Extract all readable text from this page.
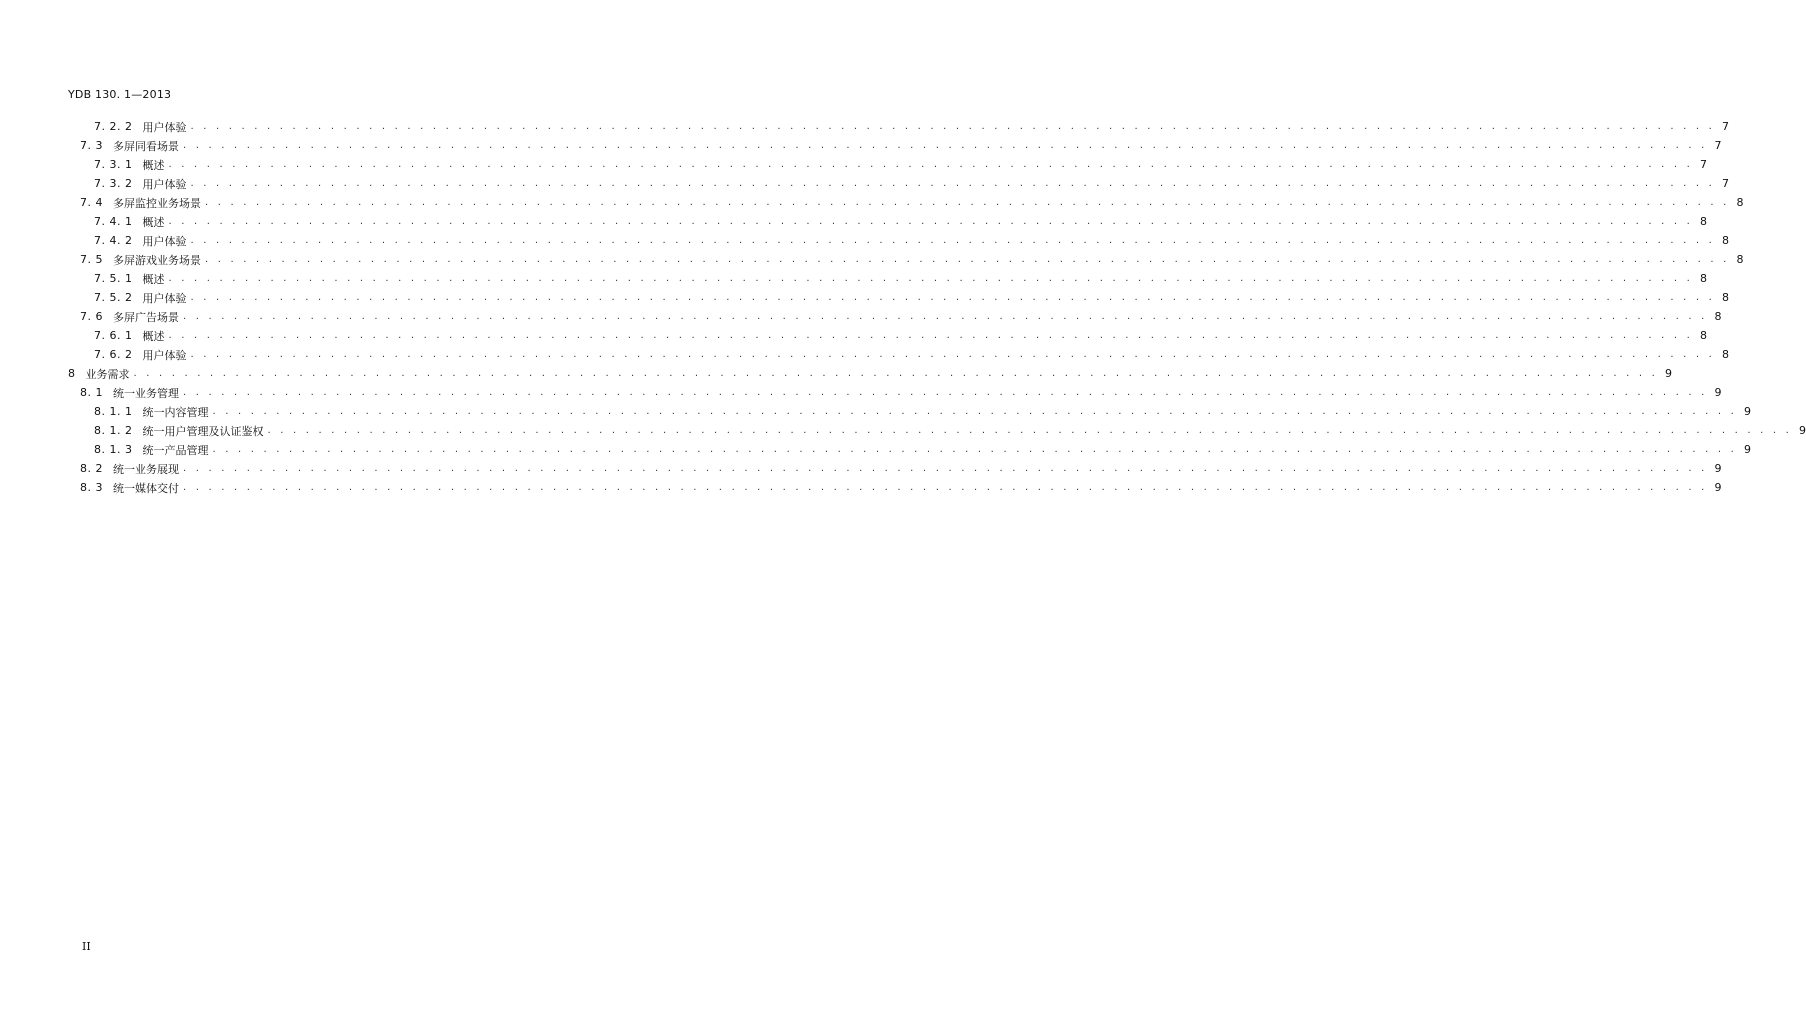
YDB 130. 1—2013
7. 2. 2 用户体验 . . . . . . . . . . . . . . . . . . . . . . . . . . . . . . . . . . . . . . . . . . . . . . . . . . . . . . . . . . . . . . . . . . . . . . . . . . . . . . . . . . . . . . . . . . . . . . . . . . . . . . . . . . . . . . . . . . . . . . . . 7
7. 3 多屏同看场景 . . . . . . . . . . . . . . . . . . . . . . . . . . . . . . . . . . . . . . . . . . . . . . . . . . . . . . . . . . . . . . . . . . . . . . . . . . . . . . . . . . . . . . . . . . . . . . . . . . . . . . . . . . . . . . . . . . . . . . . . 7
7. 3. 1 概述 . . . . . . . . . . . . . . . . . . . . . . . . . . . . . . . . . . . . . . . . . . . . . . . . . . . . . . . . . . . . . . . . . . . . . . . . . . . . . . . . . . . . . . . . . . . . . . . . . . . . . . . . . . . . . . . . . . . . . . . . 7
7. 3. 2 用户体验 . . . . . . . . . . . . . . . . . . . . . . . . . . . . . . . . . . . . . . . . . . . . . . . . . . . . . . . . . . . . . . . . . . . . . . . . . . . . . . . . . . . . . . . . . . . . . . . . . . . . . . . . . . . . . . . . . . . . . . . . 7
7. 4 多屏监控业务场景 . . . . . . . . . . . . . . . . . . . . . . . . . . . . . . . . . . . . . . . . . . . . . . . . . . . . . . . . . . . . . . . . . . . . . . . . . . . . . . . . . . . . . . . . . . . . . . . . . . . . . . . . . . . . . . . . . . . . . . . . 8
7. 4. 1 概述 . . . . . . . . . . . . . . . . . . . . . . . . . . . . . . . . . . . . . . . . . . . . . . . . . . . . . . . . . . . . . . . . . . . . . . . . . . . . . . . . . . . . . . . . . . . . . . . . . . . . . . . . . . . . . . . . . . . . . . . . 8
7. 4. 2 用户体验 . . . . . . . . . . . . . . . . . . . . . . . . . . . . . . . . . . . . . . . . . . . . . . . . . . . . . . . . . . . . . . . . . . . . . . . . . . . . . . . . . . . . . . . . . . . . . . . . . . . . . . . . . . . . . . . . . . . . . . . . 8
7. 5 多屏游戏业务场景 . . . . . . . . . . . . . . . . . . . . . . . . . . . . . . . . . . . . . . . . . . . . . . . . . . . . . . . . . . . . . . . . . . . . . . . . . . . . . . . . . . . . . . . . . . . . . . . . . . . . . . . . . . . . . . . . . . . . . . . . 8
7. 5. 1 概述 . . . . . . . . . . . . . . . . . . . . . . . . . . . . . . . . . . . . . . . . . . . . . . . . . . . . . . . . . . . . . . . . . . . . . . . . . . . . . . . . . . . . . . . . . . . . . . . . . . . . . . . . . . . . . . . . . . . . . . . . 8
7. 5. 2 用户体验 . . . . . . . . . . . . . . . . . . . . . . . . . . . . . . . . . . . . . . . . . . . . . . . . . . . . . . . . . . . . . . . . . . . . . . . . . . . . . . . . . . . . . . . . . . . . . . . . . . . . . . . . . . . . . . . . . . . . . . . . 8
7. 6 多屏广告场景 . . . . . . . . . . . . . . . . . . . . . . . . . . . . . . . . . . . . . . . . . . . . . . . . . . . . . . . . . . . . . . . . . . . . . . . . . . . . . . . . . . . . . . . . . . . . . . . . . . . . . . . . . . . . . . . . . . . . . . . . 8
7. 6. 1 概述 . . . . . . . . . . . . . . . . . . . . . . . . . . . . . . . . . . . . . . . . . . . . . . . . . . . . . . . . . . . . . . . . . . . . . . . . . . . . . . . . . . . . . . . . . . . . . . . . . . . . . . . . . . . . . . . . . . . . . . . . 8
7. 6. 2 用户体验 . . . . . . . . . . . . . . . . . . . . . . . . . . . . . . . . . . . . . . . . . . . . . . . . . . . . . . . . . . . . . . . . . . . . . . . . . . . . . . . . . . . . . . . . . . . . . . . . . . . . . . . . . . . . . . . . . . . . . . . . 8
8 业务需求 . . . . . . . . . . . . . . . . . . . . . . . . . . . . . . . . . . . . . . . . . . . . . . . . . . . . . . . . . . . . . . . . . . . . . . . . . . . . . . . . . . . . . . . . . . . . . . . . . . . . . . . . . . . . . . . . . . . . . . . . 9
8. 1 统一业务管理 . . . . . . . . . . . . . . . . . . . . . . . . . . . . . . . . . . . . . . . . . . . . . . . . . . . . . . . . . . . . . . . . . . . . . . . . . . . . . . . . . . . . . . . . . . . . . . . . . . . . . . . . . . . . . . . . . . . . . . . . 9
8. 1. 1 统一内容管理 . . . . . . . . . . . . . . . . . . . . . . . . . . . . . . . . . . . . . . . . . . . . . . . . . . . . . . . . . . . . . . . . . . . . . . . . . . . . . . . . . . . . . . . . . . . . . . . . . . . . . . . . . . . . . . . . . . . . . . . . 9
8. 1. 2 统一用户管理及认证鉴权 . . . . . . . . . . . . . . . . . . . . . . . . . . . . . . . . . . . . . . . . . . . . . . . . . . . . . . . . . . . . . . . . . . . . . . . . . . . . . . . . . . . . . . . . . . . . . . . . . . . . . . . . . . . . . . . . . . . . . . . . 9
8. 1. 3 统一产品管理 . . . . . . . . . . . . . . . . . . . . . . . . . . . . . . . . . . . . . . . . . . . . . . . . . . . . . . . . . . . . . . . . . . . . . . . . . . . . . . . . . . . . . . . . . . . . . . . . . . . . . . . . . . . . . . . . . . . . . . . . 9
8. 2 统一业务展现 . . . . . . . . . . . . . . . . . . . . . . . . . . . . . . . . . . . . . . . . . . . . . . . . . . . . . . . . . . . . . . . . . . . . . . . . . . . . . . . . . . . . . . . . . . . . . . . . . . . . . . . . . . . . . . . . . . . . . . . . 9
8. 3 统一媒体交付 . . . . . . . . . . . . . . . . . . . . . . . . . . . . . . . . . . . . . . . . . . . . . . . . . . . . . . . . . . . . . . . . . . . . . . . . . . . . . . . . . . . . . . . . . . . . . . . . . . . . . . . . . . . . . . . . . . . . . . . . 9
II
